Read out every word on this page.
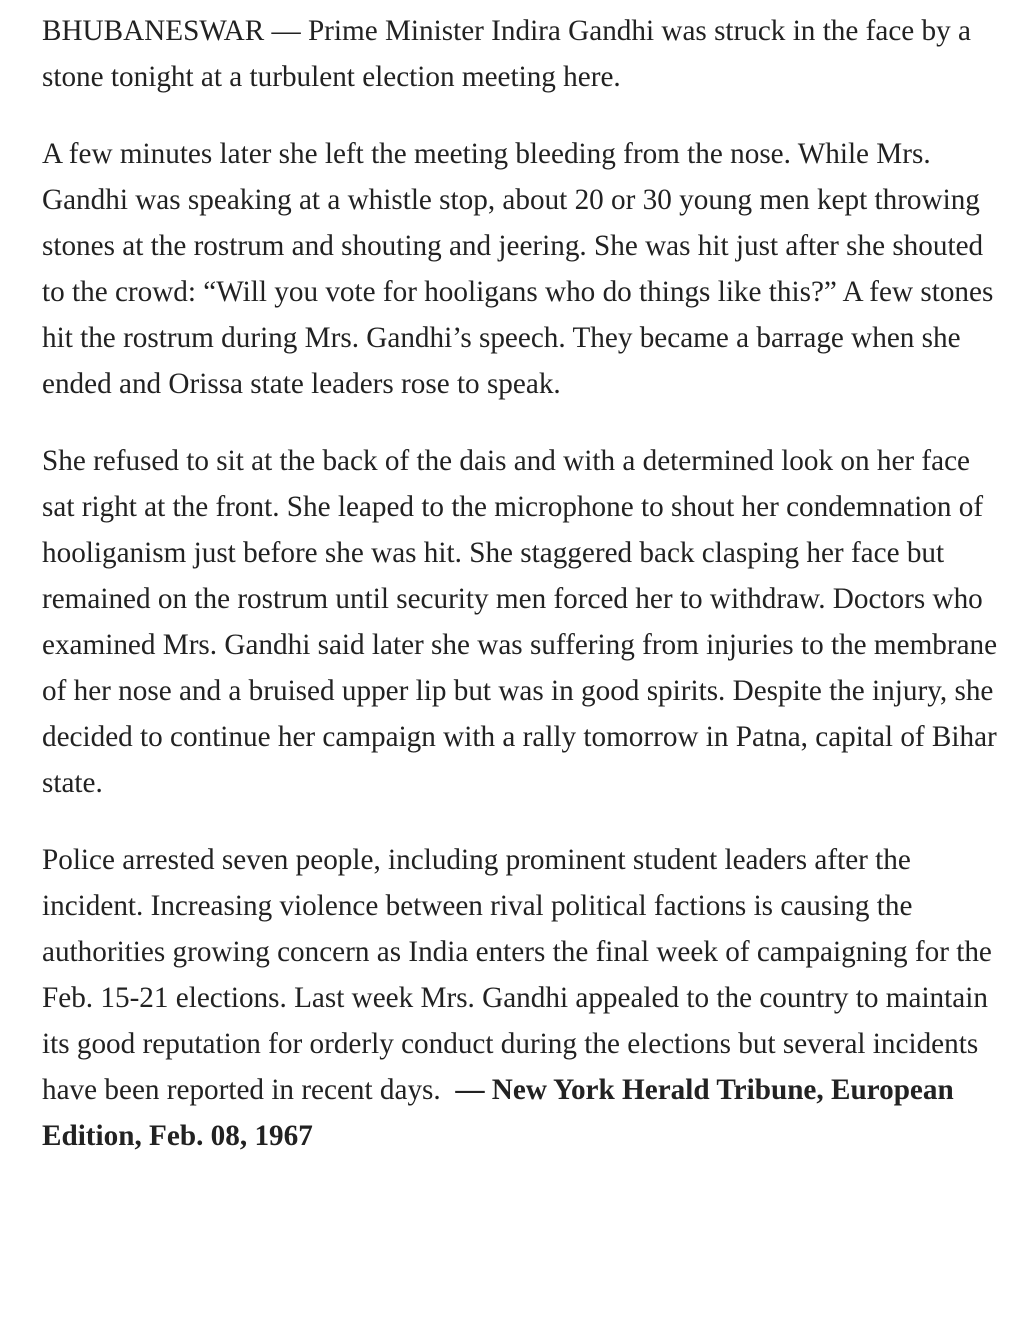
BHUBANESWAR — Prime Minister Indira Gandhi was struck in the face by a stone tonight at a turbulent election meeting here.

A few minutes later she left the meeting bleeding from the nose. While Mrs. Gandhi was speaking at a whistle stop, about 20 or 30 young men kept throwing stones at the rostrum and shouting and jeering. She was hit just after she shouted to the crowd: “Will you vote for hooligans who do things like this?” A few stones hit the rostrum during Mrs. Gandhi’s speech. They became a barrage when she ended and Orissa state leaders rose to speak.

She refused to sit at the back of the dais and with a determined look on her face sat right at the front. She leaped to the microphone to shout her condemnation of hooliganism just before she was hit. She staggered back clasping her face but remained on the rostrum until security men forced her to withdraw. Doctors who examined Mrs. Gandhi said later she was suffering from injuries to the membrane of her nose and a bruised upper lip but was in good spirits. Despite the injury, she decided to continue her campaign with a rally tomorrow in Patna, capital of Bihar state.

Police arrested seven people, including prominent student leaders after the incident. Increasing violence between rival political factions is causing the authorities growing concern as India enters the final week of campaigning for the Feb. 15-21 elections. Last week Mrs. Gandhi appealed to the country to maintain its good reputation for orderly conduct during the elections but several incidents have been reported in recent days. — New York Herald Tribune, European Edition, Feb. 08, 1967
